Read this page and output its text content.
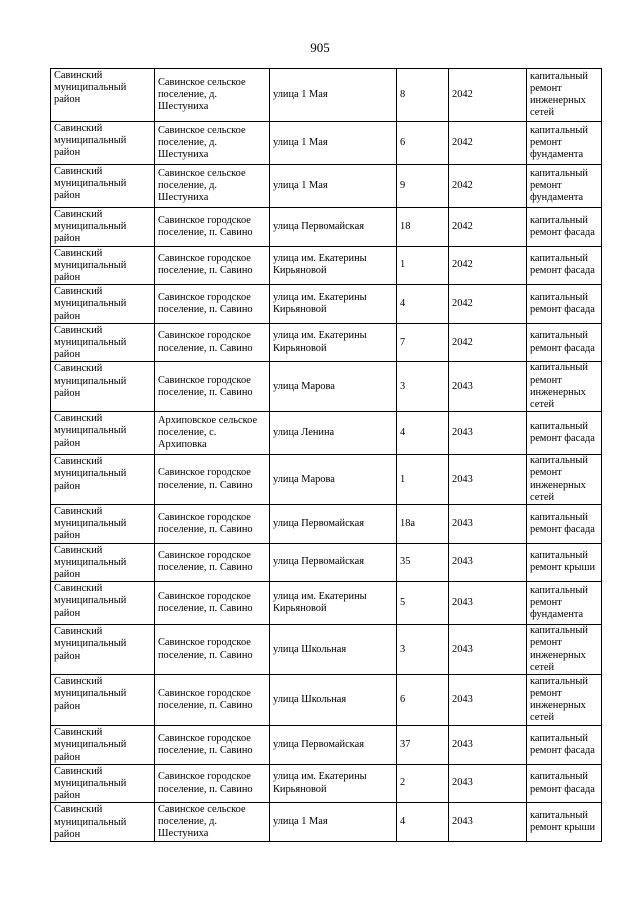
905
Савинский муниципальный район	Савинское сельское поселение, д. Шестуниха	улица 1 Мая	8	2042	капитальный ремонт инженерных сетей
Савинский муниципальный район	Савинское сельское поселение, д. Шестуниха	улица 1 Мая	6	2042	капитальный ремонт фундамента
Савинский муниципальный район	Савинское сельское поселение, д. Шестуниха	улица 1 Мая	9	2042	капитальный ремонт фундамента
Савинский муниципальный район	Савинское городское поселение, п. Савино	улица Первомайская	18	2042	капитальный ремонт фасада
Савинский муниципальный район	Савинское городское поселение, п. Савино	улица им. Екатерины Кирьяновой	1	2042	капитальный ремонт фасада
Савинский муниципальный район	Савинское городское поселение, п. Савино	улица им. Екатерины Кирьяновой	4	2042	капитальный ремонт фасада
Савинский муниципальный район	Савинское городское поселение, п. Савино	улица им. Екатерины Кирьяновой	7	2042	капитальный ремонт фасада
Савинский муниципальный район	Савинское городское поселение, п. Савино	улица Марова	3	2043	капитальный ремонт инженерных сетей
Савинский муниципальный район	Архиповское сельское поселение, с. Архиповка	улица Ленина	4	2043	капитальный ремонт фасада
Савинский муниципальный район	Савинское городское поселение, п. Савино	улица Марова	1	2043	капитальный ремонт инженерных сетей
Савинский муниципальный район	Савинское городское поселение, п. Савино	улица Первомайская	18а	2043	капитальный ремонт фасада
Савинский муниципальный район	Савинское городское поселение, п. Савино	улица Первомайская	35	2043	капитальный ремонт крыши
Савинский муниципальный район	Савинское городское поселение, п. Савино	улица им. Екатерины Кирьяновой	5	2043	капитальный ремонт фундамента
Савинский муниципальный район	Савинское городское поселение, п. Савино	улица Школьная	3	2043	капитальный ремонт инженерных сетей
Савинский муниципальный район	Савинское городское поселение, п. Савино	улица Школьная	6	2043	капитальный ремонт инженерных сетей
Савинский муниципальный район	Савинское городское поселение, п. Савино	улица Первомайская	37	2043	капитальный ремонт фасада
Савинский муниципальный район	Савинское городское поселение, п. Савино	улица им. Екатерины Кирьяновой	2	2043	капитальный ремонт фасада
Савинский муниципальный район	Савинское сельское поселение, д. Шестуниха	улица 1 Мая	4	2043	капитальный ремонт крыши
